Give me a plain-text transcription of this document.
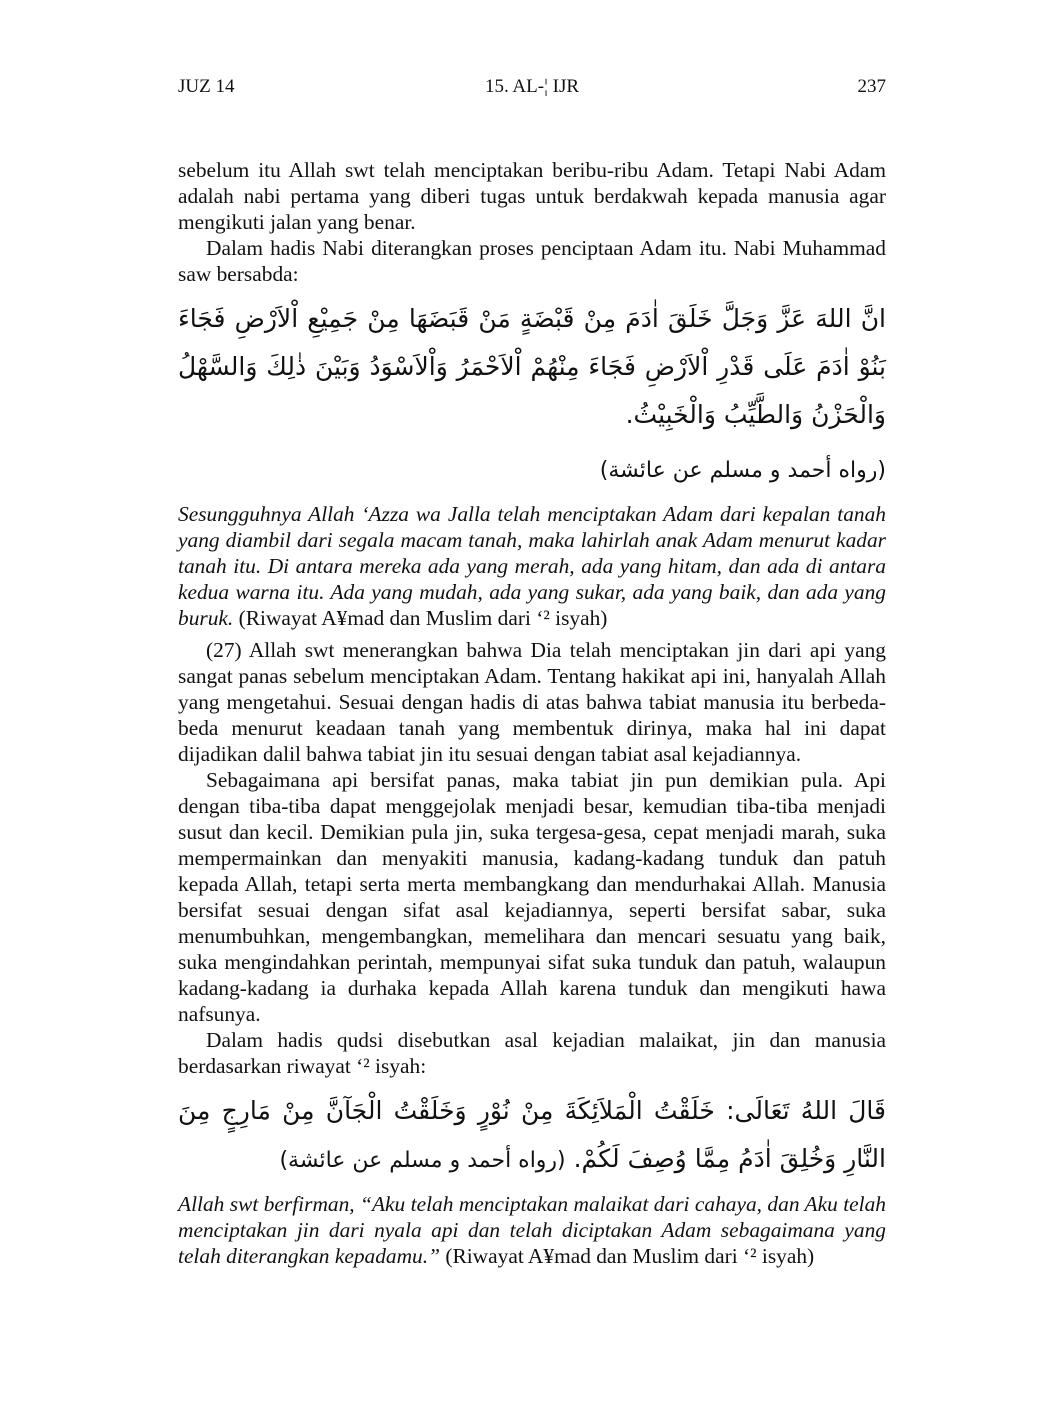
JUZ 14	15. AL-¦ IJR	237

sebelum itu Allah swt telah menciptakan beribu-ribu Adam. Tetapi Nabi Adam adalah nabi pertama yang diberi tugas untuk berdakwah kepada manusia agar mengikuti jalan yang benar.

Dalam hadis Nabi diterangkan proses penciptaan Adam itu. Nabi Muhammad saw bersabda:

انَّ اللهَ عَزَّ وَجَلَّ خَلَقَ اٰدَمَ مِنْ قَبْضَةٍ مَنْ قَبَضَهَا مِنْ جَمِيْعِ اْلاَرْضِ فَجَاءَ بَنُوْ اٰدَمَ عَلَى قَدْرِ اْلاَرْضِ فَجَاءَ مِنْهُمْ اْلاَحْمَرُ وَاْلاَسْوَدُ وَبَيْنَ ذٰلِكَ وَالسَّهْلُ وَالْحَزْنُ وَالطَّيِّبُ وَالْخَبِيْثُ.
(رواه أحمد و مسلم عن عائشة)

Sesungguhnya Allah ‘Azza wa Jalla telah menciptakan Adam dari kepalan tanah yang diambil dari segala macam tanah, maka lahirlah anak Adam menurut kadar tanah itu. Di antara mereka ada yang merah, ada yang hitam, dan ada di antara kedua warna itu. Ada yang mudah, ada yang sukar, ada yang baik, dan ada yang buruk. (Riwayat A¥mad dan Muslim dari ‘² isyah)

(27) Allah swt menerangkan bahwa Dia telah menciptakan jin dari api yang sangat panas sebelum menciptakan Adam. Tentang hakikat api ini, hanyalah Allah yang mengetahui. Sesuai dengan hadis di atas bahwa tabiat manusia itu berbeda-beda menurut keadaan tanah yang membentuk dirinya, maka hal ini dapat dijadikan dalil bahwa tabiat jin itu sesuai dengan tabiat asal kejadiannya.

Sebagaimana api bersifat panas, maka tabiat jin pun demikian pula. Api dengan tiba-tiba dapat menggejolak menjadi besar, kemudian tiba-tiba menjadi susut dan kecil. Demikian pula jin, suka tergesa-gesa, cepat menjadi marah, suka mempermainkan dan menyakiti manusia, kadang-kadang tunduk dan patuh kepada Allah, tetapi serta merta membangkang dan mendurhakai Allah. Manusia bersifat sesuai dengan sifat asal kejadiannya, seperti bersifat sabar, suka menumbuhkan, mengembangkan, memelihara dan mencari sesuatu yang baik, suka mengindahkan perintah, mempunyai sifat suka tunduk dan patuh, walaupun kadang-kadang ia durhaka kepada Allah karena tunduk dan mengikuti hawa nafsunya.

Dalam hadis qudsi disebutkan asal kejadian malaikat, jin dan manusia berdasarkan riwayat ‘² isyah:

قَالَ اللهُ تَعَالَى: خَلَقْتُ الْمَلاَئِكَةَ مِنْ نُوْرٍ وَخَلَقْتُ الْجَآنَّ مِنْ مَارِجٍ مِنَ النَّارِ وَخُلِقَ اٰدَمُ مِمَّا وُصِفَ لَكُمْ. (رواه أحمد و مسلم عن عائشة)

Allah swt berfirman, “Aku telah menciptakan malaikat dari cahaya, dan Aku telah menciptakan jin dari nyala api dan telah diciptakan Adam sebagaimana yang telah diterangkan kepadamu.” (Riwayat A¥mad dan Muslim dari ‘² isyah)
